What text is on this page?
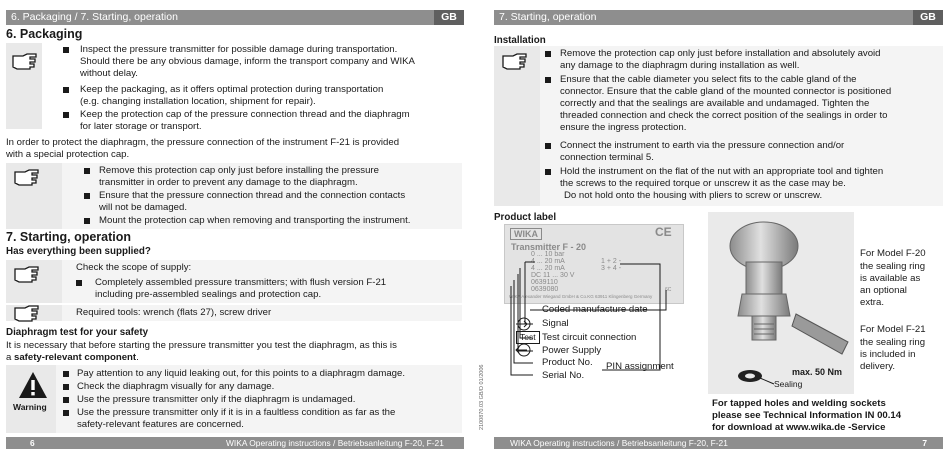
6. Packaging / 7. Starting, operation	GB
6. Packaging
Inspect the pressure transmitter for possible damage during transportation.
Should there be any obvious damage, inform the transport company and WIKA
without delay.
Keep the packaging, as it offers optimal protection during transportation
(e.g. changing installation location, shipment for repair).
Keep the protection cap of the pressure connection thread and the diaphragm
for later storage or transport.
In order to protect the diaphragm, the pressure connection of the instrument F-21 is provided
with a special protection cap.
Remove this protection cap only just before installing the pressure
transmitter in order to prevent any damage to the diaphragm.
Ensure that the pressure connection thread and the connection contacts
will not be damaged.
Mount the protection cap when removing and transporting the instrument.
7. Starting, operation
Has everything been supplied?
Check the scope of supply:
Completely assembled pressure transmitters; with flush version F-21
including pre-assembled sealings and protection cap.
Required tools: wrench (flats 27), screw driver
Diaphragm test for your safety
It is necessary that before starting the pressure transmitter you test the diaphragm, as this is
a safety-relevant component.
Warning
Pay attention to any liquid leaking out, for this points to a diaphragm damage.
Check the diaphragm visually for any damage.
Use the pressure transmitter only if the diaphragm is undamaged.
Use the pressure transmitter only if it is in a faultless condition as far as the
safety-relevant features are concerned.
6	WIKA Operating instructions / Betriebsanleitung F-20, F-21
2100870.03 GB/D 01/2006
7. Starting, operation	GB
Installation
Remove the protection cap only just before installation and absolutely avoid
any damage to the diaphragm during installation as well.
Ensure that the cable diameter you select fits to the cable gland of the
connector. Ensure that the cable gland of the mounted connector is positioned
correctly and that the sealings are available and undamaged. Tighten the
threaded connection and check the correct position of the sealings in order to
ensure the ingress protection.
Connect the instrument to earth via the pressure connection and/or
connection terminal 5.
Hold the instrument on the flat of the nut with an appropriate tool and tighten
the screws to the required torque or unscrew it as the case may be.
Do not hold onto the housing with pliers to screw or unscrew.
Product label
WIKA	CE
Transmitter F - 20
0 ... 10 bar
4 ... 20 mA
4 ... 20 mA
DC 11 ... 30 V
0639110
0639080
1 + 2 -
3 + 4 -
WIKA Alexander Wiegand GmbH & Co.KG 63911 Klingenberg Germany
6C
Test
Coded manufacture date
Signal
Test circuit connection
Power Supply
Product No.
Serial No.
PIN assignment	max. 50 Nm
Sealing
For Model F-20
the sealing ring
is available as
an optional
extra.
For Model F-21
the sealing ring
is included in
delivery.
For tapped holes and welding sockets
please see Technical Information IN 00.14
for download at www.wika.de -Service
WIKA Operating instructions / Betriebsanleitung F-20, F-21	7
